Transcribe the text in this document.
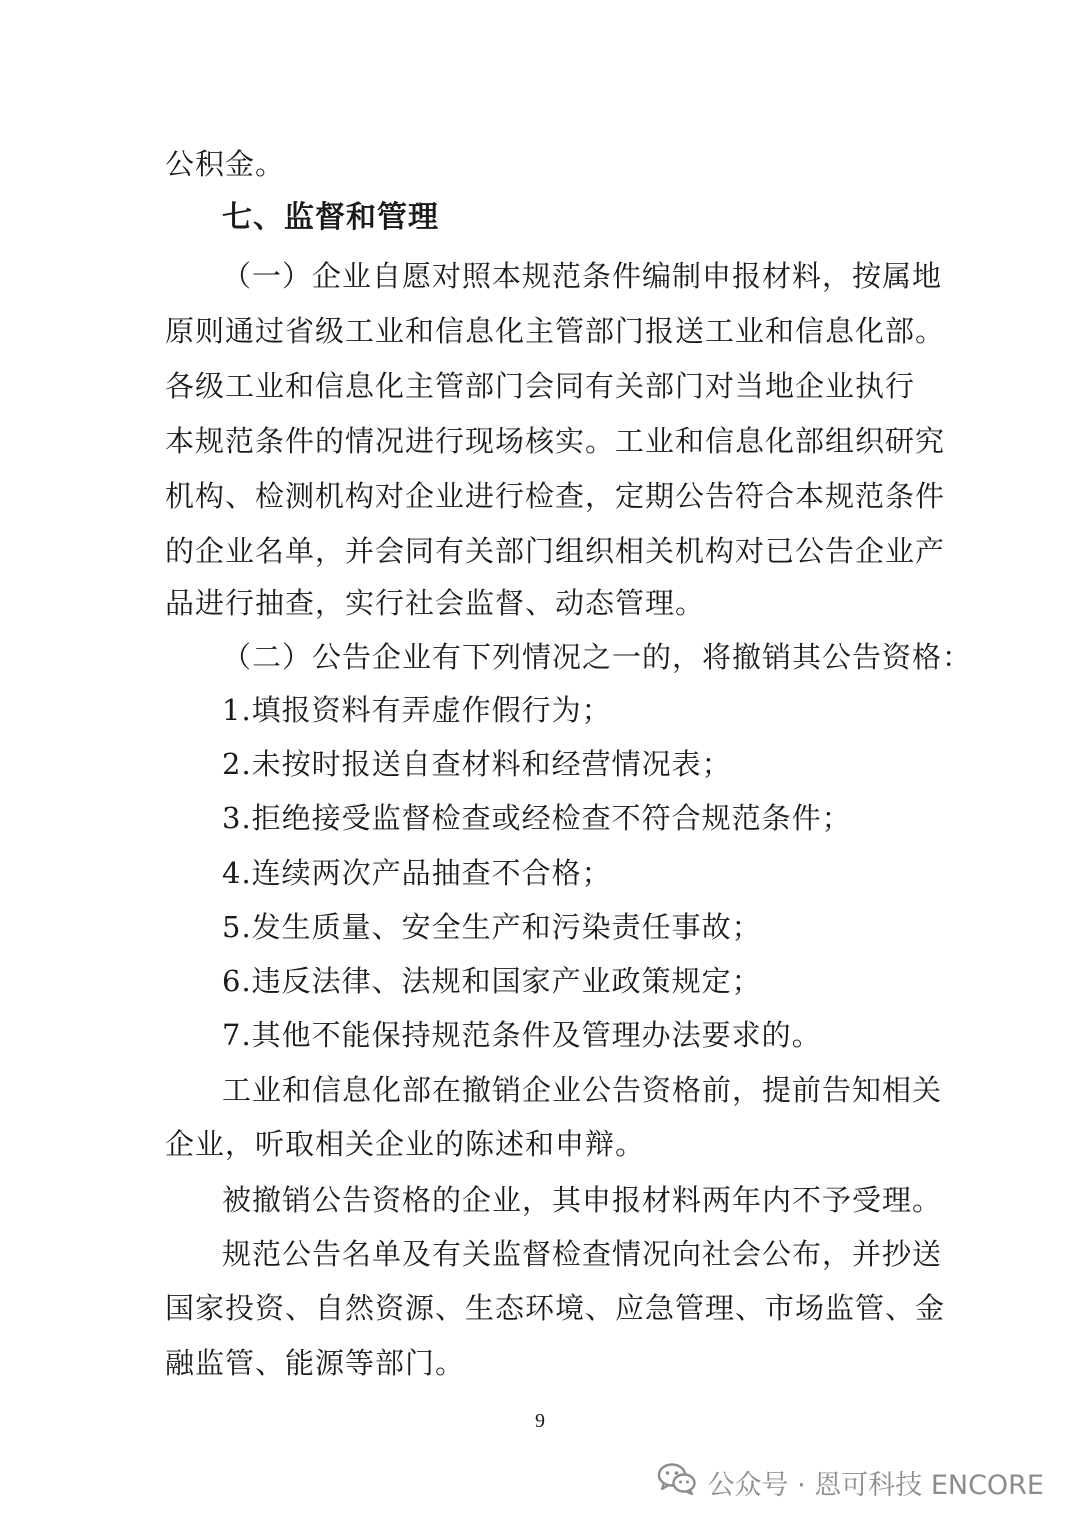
公积金。
七、监督和管理
（一）企业自愿对照本规范条件编制申报材料，按属地
原则通过省级工业和信息化主管部门报送工业和信息化部。
各级工业和信息化主管部门会同有关部门对当地企业执行
本规范条件的情况进行现场核实。工业和信息化部组织研究
机构、检测机构对企业进行检查，定期公告符合本规范条件
的企业名单，并会同有关部门组织相关机构对已公告企业产
品进行抽查，实行社会监督、动态管理。
（二）公告企业有下列情况之一的，将撤销其公告资格：
1.填报资料有弄虚作假行为；
2.未按时报送自查材料和经营情况表；
3.拒绝接受监督检查或经检查不符合规范条件；
4.连续两次产品抽查不合格；
5.发生质量、安全生产和污染责任事故；
6.违反法律、法规和国家产业政策规定；
7.其他不能保持规范条件及管理办法要求的。
工业和信息化部在撤销企业公告资格前，提前告知相关
企业，听取相关企业的陈述和申辩。
被撤销公告资格的企业，其申报材料两年内不予受理。
规范公告名单及有关监督检查情况向社会公布，并抄送
国家投资、自然资源、生态环境、应急管理、市场监管、金
融监管、能源等部门。
9
公众号 · 恩可科技 ENCORE
